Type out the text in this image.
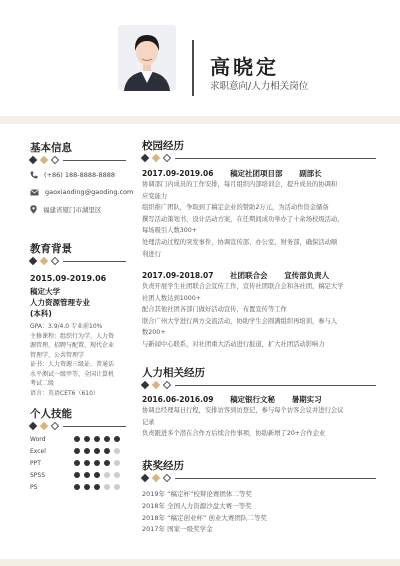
高晓定
求职意向/人力相关岗位
基本信息
(+86) 188-8888-8888
gaoxiaoding@gaoding.com
福建省厦门市湖里区
教育背景
2015.09-2019.06
稿定大学
人力资源管理专业
(本科)
GPA：3.9/4.0 专业前10%
主修课程：组织行为学、人力资
源管理、招聘与配置、现代企业
管理学、公共管理学
证书：人力资源三级证、普通话
水平测试一级甲等、全国计算机
考试二级
语言：英语CET6（610）
个人技能
Word
Excel
PPT
SPSS
PS
校园经历
2017.09-2019.06 稿定社团项目部 副部长
协调部门内成员的工作安排，每月组织内部培训会，提升成员的协调和
应变能力
组织推广团队，争取到了稿定企业的赞助2万元，为活动作资金储备
撰写活动策划书，设计活动方案，在任期间成功举办了十余场校级活动，
每场吸引人数300+
处理活动过程的突发事件，协调宣传部、办公室、财务部，确保活动顺
利进行
2017.09-2018.07 社团联合会 宣传部负责人
负责开展学生社团联合会宣传工作，宣传社团联合会和各社团，稿定大学
社团人数达到1000+
配合其他社团各部门做好活动宣传，布置宣传等工作
联合广州大学进行两方交流活动，协助学生会圆满组织再培训，参与人
数200+
与新闻中心联系，对社团重大活动进行报道，扩大社团活动影响力
人力相关经历
2016.06-2016.09 稿定银行文秘 暑期实习
协调总经理每日行程，安排访客到访登记，参与每个访客会议并进行会议
记录
负责跟进多个潜在合作方后续合作事项，协助新增了20+合作企业
获奖经历
2019年 “稿定杯”校辩论赛团体二等奖
2018年 全国人力资源沙盘大赛一等奖
2018年 “稿定创业杯” 创业大赛团队二等奖
2017年 国家一级奖学金
